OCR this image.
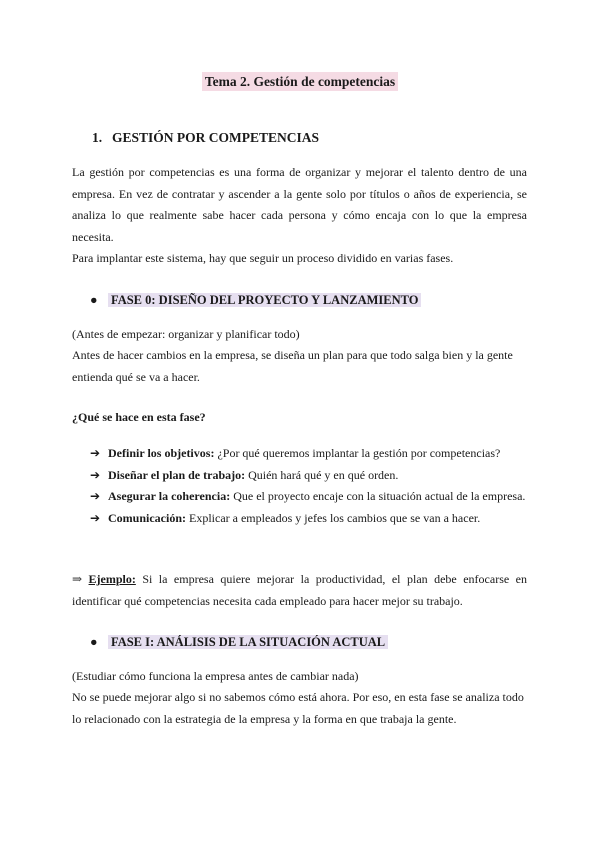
Tema 2. Gestión de competencias
1. GESTIÓN POR COMPETENCIAS
La gestión por competencias es una forma de organizar y mejorar el talento dentro de una empresa. En vez de contratar y ascender a la gente solo por títulos o años de experiencia, se analiza lo que realmente sabe hacer cada persona y cómo encaja con lo que la empresa necesita.
Para implantar este sistema, hay que seguir un proceso dividido en varias fases.
● FASE 0: DISEÑO DEL PROYECTO Y LANZAMIENTO
(Antes de empezar: organizar y planificar todo)
Antes de hacer cambios en la empresa, se diseña un plan para que todo salga bien y la gente entienda qué se va a hacer.
¿Qué se hace en esta fase?
➔ Definir los objetivos: ¿Por qué queremos implantar la gestión por competencias?
➔ Diseñar el plan de trabajo: Quién hará qué y en qué orden.
➔ Asegurar la coherencia: Que el proyecto encaje con la situación actual de la empresa.
➔ Comunicación: Explicar a empleados y jefes los cambios que se van a hacer.
⇒ Ejemplo: Si la empresa quiere mejorar la productividad, el plan debe enfocarse en identificar qué competencias necesita cada empleado para hacer mejor su trabajo.
● FASE I: ANÁLISIS DE LA SITUACIÓN ACTUAL
(Estudiar cómo funciona la empresa antes de cambiar nada)
No se puede mejorar algo si no sabemos cómo está ahora. Por eso, en esta fase se analiza todo lo relacionado con la estrategia de la empresa y la forma en que trabaja la gente.
